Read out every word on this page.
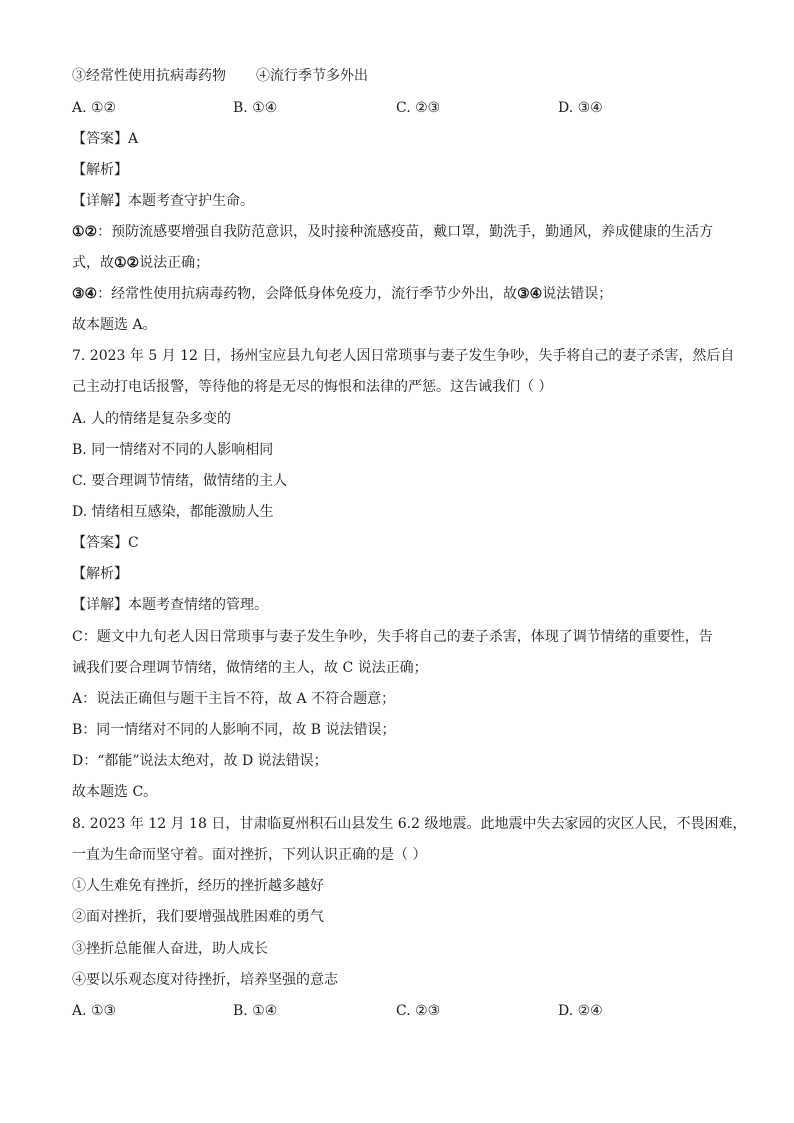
③经常性使用抗病毒药物 ④流行季节多外出
A. ①②	B. ①④	C. ②③	D. ③④
【答案】A
【解析】
【详解】本题考查守护生命。
①②：预防流感要增强自我防范意识，及时接种流感疫苗，戴口罩，勤洗手，勤通风，养成健康的生活方
式，故①②说法正确；
③④：经常性使用抗病毒药物，会降低身体免疫力，流行季节少外出，故③④说法错误；
故本题选 A。
7. 2023 年 5 月 12 日，扬州宝应县九旬老人因日常琐事与妻子发生争吵，失手将自己的妻子杀害，然后自
己主动打电话报警，等待他的将是无尽的悔恨和法律的严惩。这告诫我们（ ）
A. 人的情绪是复杂多变的
B. 同一情绪对不同的人影响相同
C. 要合理调节情绪，做情绪的主人
D. 情绪相互感染，都能激励人生
【答案】C
【解析】
【详解】本题考查情绪的管理。
C：题文中九旬老人因日常琐事与妻子发生争吵，失手将自己的妻子杀害，体现了调节情绪的重要性，告
诫我们要合理调节情绪，做情绪的主人，故 C 说法正确；
A：说法正确但与题干主旨不符，故 A 不符合题意；
B：同一情绪对不同的人影响不同，故 B 说法错误；
D：“都能”说法太绝对，故 D 说法错误；
故本题选 C。
8. 2023 年 12 月 18 日，甘肃临夏州积石山县发生 6.2 级地震。此地震中失去家园的灾区人民，不畏困难，
一直为生命而坚守着。面对挫折，下列认识正确的是（ ）
①人生难免有挫折，经历的挫折越多越好
②面对挫折，我们要增强战胜困难的勇气
③挫折总能催人奋进，助人成长
④要以乐观态度对待挫折，培养坚强的意志
A. ①③	B. ①④	C. ②③	D. ②④
